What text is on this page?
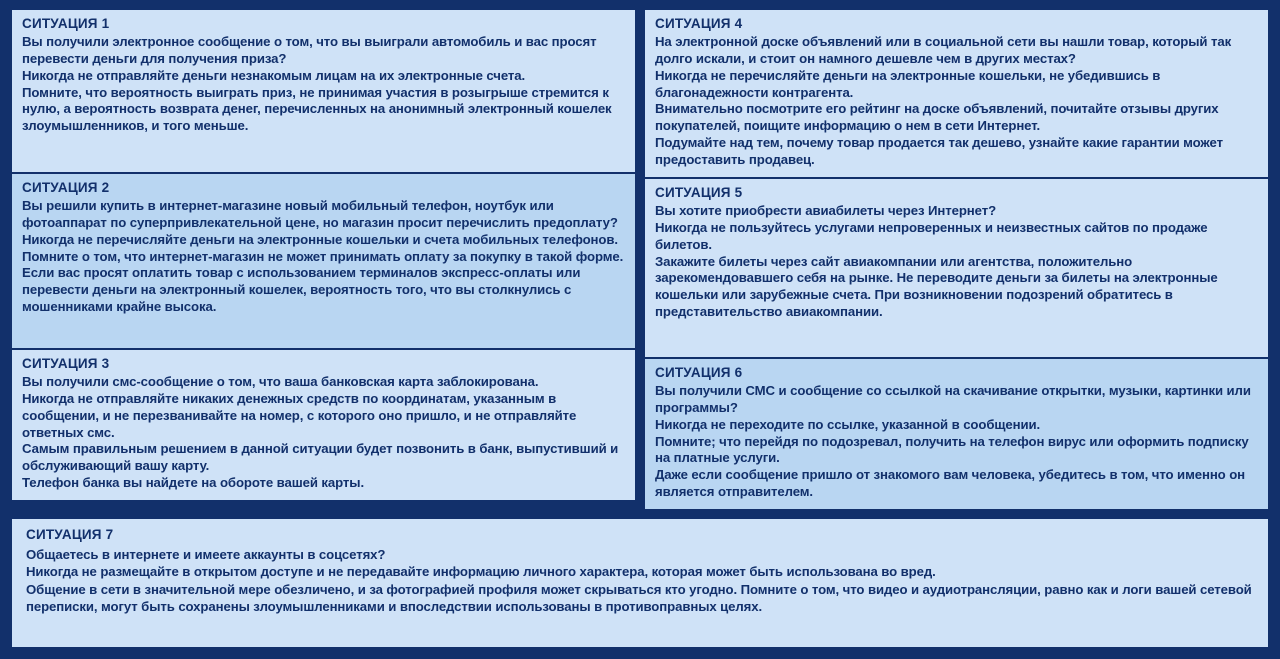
СИТУАЦИЯ 1

Вы получили электронное сообщение о том, что вы выиграли автомобиль и вас просят перевести деньги для получения приза?
Никогда не отправляйте деньги незнакомым лицам на их электронные счета.
Помните, что вероятность выиграть приз, не принимая участия в розыгрыше стремится к нулю, а вероятность возврата денег, перечисленных на анонимный электронный кошелек злоумышленников, и того меньше.

СИТУАЦИЯ 2

Вы решили купить в интернет-магазине новый мобильный телефон, ноутбук или фотоаппарат по суперпривлекательной цене, но магазин просит перечислить предоплату?
Никогда не перечисляйте деньги на электронные кошельки и счета мобильных телефонов.
Помните о том, что интернет-магазин не может принимать оплату за покупку в такой форме. Если вас просят оплатить товар с использованием терминалов экспресс-оплаты или перевести деньги на электронный кошелек, вероятность того, что вы столкнулись с мошенниками крайне высока.

СИТУАЦИЯ 3

Вы получили смс-сообщение о том, что ваша банковская карта заблокирована.
Никогда не отправляйте никаких денежных средств по координатам, указанным в сообщении, и не перезванивайте на номер, с которого оно пришло, и не отправляйте ответных смс.
Самым правильным решением в данной ситуации будет позвонить в банк, выпустивший и обслуживающий вашу карту.
Телефон банка вы найдете на обороте вашей карты.

СИТУАЦИЯ 4

На электронной доске объявлений или в социальной сети вы нашли товар, который так долго искали, и стоит он намного дешевле чем в других местах?
Никогда не перечисляйте деньги на электронные кошельки, не убедившись в благонадежности контрагента.
Внимательно посмотрите его рейтинг на доске объявлений, почитайте отзывы других покупателей, поищите информацию о нем в сети Интернет.
Подумайте над тем, почему товар продается так дешево, узнайте какие гарантии может предоставить продавец.

СИТУАЦИЯ 5

Вы хотите приобрести авиабилеты через Интернет?
Никогда не пользуйтесь услугами непроверенных и неизвестных сайтов по продаже билетов.
Закажите билеты через сайт авиакомпании или агентства, положительно зарекомендовавшего себя на рынке. Не переводите деньги за билеты на электронные кошельки или зарубежные счета. При возникновении подозрений обратитесь в представительство авиакомпании.

СИТУАЦИЯ 6

Вы получили СМС и сообщение со ссылкой на скачивание открытки, музыки, картинки или программы?
Никогда не переходите по ссылке, указанной в сообщении.
Помните; что перейдя по подозревал, получить на телефон вирус или оформить подписку на платные услуги.
Даже если сообщение пришло от знакомого вам человека, убедитесь в том, что именно он является отправителем.

СИТУАЦИЯ 7

Общаетесь в интернете и имеете аккаунты в соцсетях?
Никогда не размещайте в открытом доступе и не передавайте информацию личного характера, которая может быть использована во вред.
Общение в сети в значительной мере обезличено, и за фотографией профиля может скрываться кто угодно. Помните о том, что видео и аудиотрансляции, равно как и логи вашей сетевой переписки, могут быть сохранены злоумышленниками и впоследствии использованы в противоправных целях.
